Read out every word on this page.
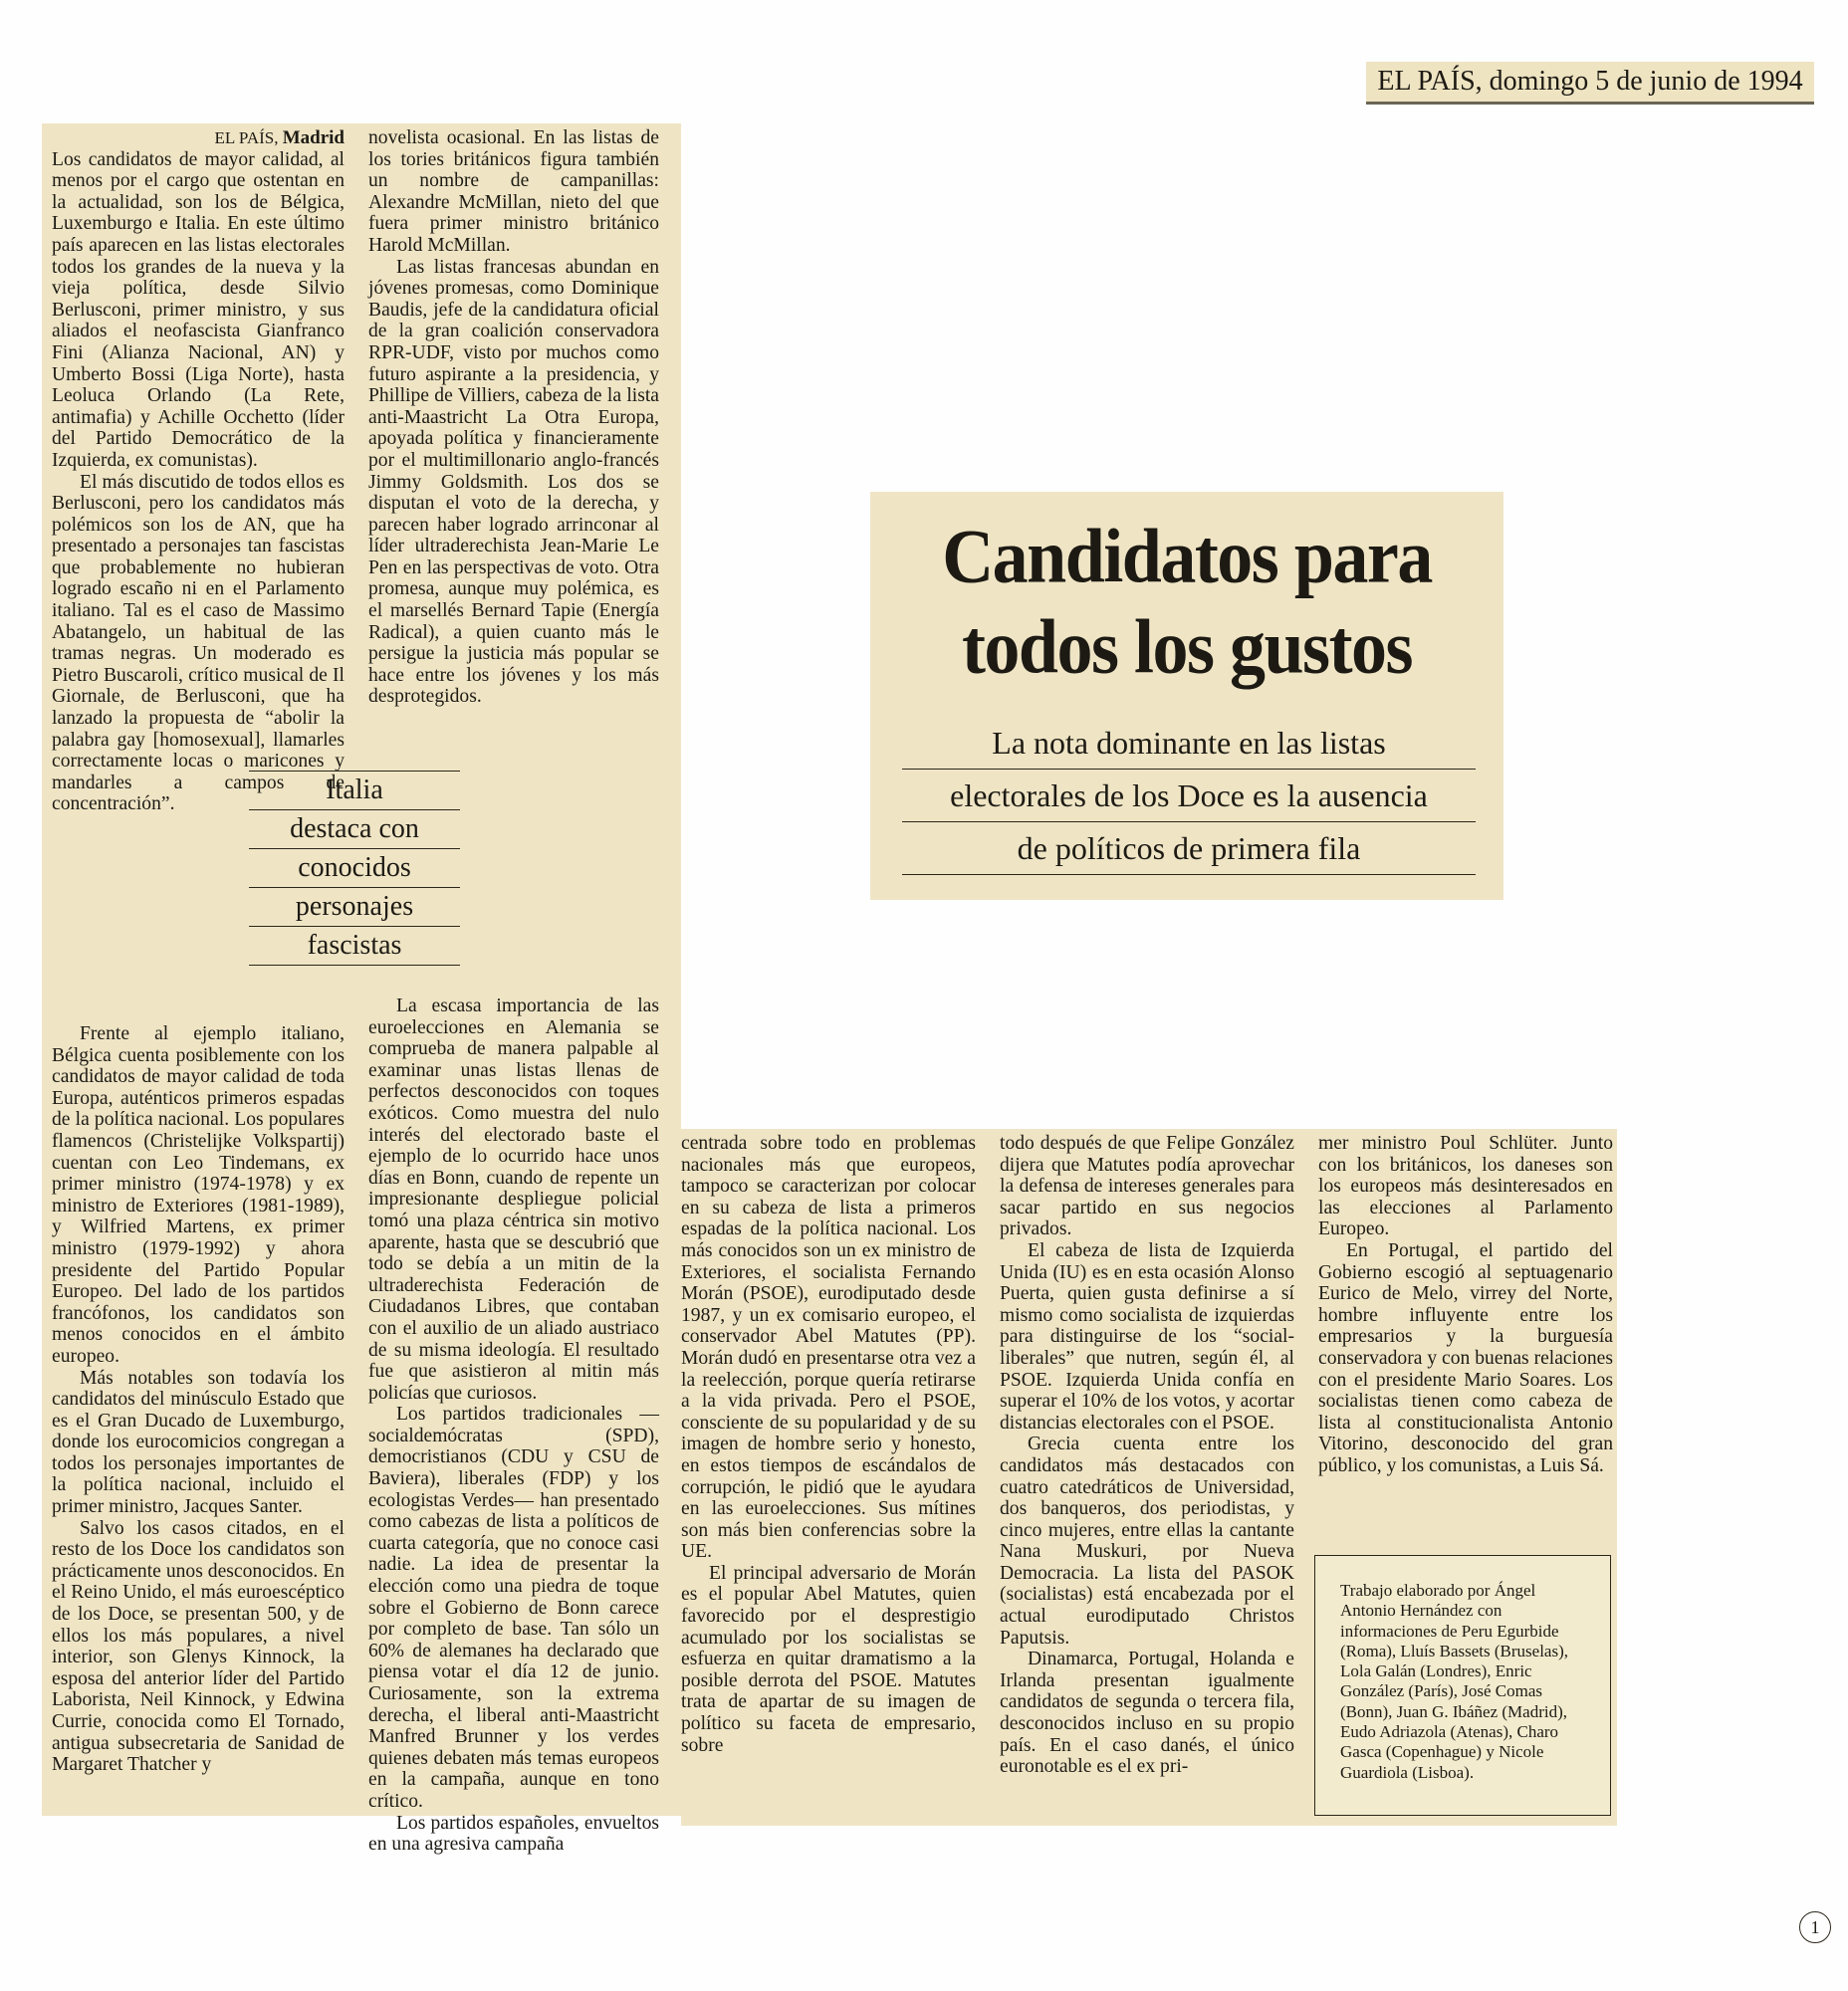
EL PAÍS, domingo 5 de junio de 1994

EL PAÍS, Madrid

Los candidatos de mayor calidad, al menos por el cargo que ostentan en la actualidad, son los de Bélgica, Luxemburgo e Italia. En este último país aparecen en las listas electorales todos los grandes de la nueva y la vieja política, desde Silvio Berlusconi, primer ministro, y sus aliados el neofascista Gianfranco Fini (Alianza Nacional, AN) y Umberto Bossi (Liga Norte), hasta Leoluca Orlando (La Rete, antimafia) y Achille Occhetto (líder del Partido Democrático de la Izquierda, ex comunistas).

El más discutido de todos ellos es Berlusconi, pero los candidatos más polémicos son los de AN, que ha presentado a personajes tan fascistas que probablemente no hubieran logrado escaño ni en el Parlamento italiano. Tal es el caso de Massimo Abatangelo, un habitual de las tramas negras. Un moderado es Pietro Buscaroli, crítico musical de Il Giornale, de Berlusconi, que ha lanzado la propuesta de “abolir la palabra gay [homosexual], llamarles correctamente locas o maricones y mandarles a campos de concentración”.

Frente al ejemplo italiano, Bélgica cuenta posiblemente con los candidatos de mayor calidad de toda Europa, auténticos primeros espadas de la política nacional. Los populares flamencos (Christelijke Volkspartij) cuentan con Leo Tindemans, ex primer ministro (1974-1978) y ex ministro de Exteriores (1981-1989), y Wilfried Martens, ex primer ministro (1979-1992) y ahora presidente del Partido Popular Europeo. Del lado de los partidos francófonos, los candidatos son menos conocidos en el ámbito europeo.

Más notables son todavía los candidatos del minúsculo Estado que es el Gran Ducado de Luxemburgo, donde los eurocomicios congregan a todos los personajes importantes de la política nacional, incluido el primer ministro, Jacques Santer.

Salvo los casos citados, en el resto de los Doce los candidatos son prácticamente unos desconocidos. En el Reino Unido, el más euroescéptico de los Doce, se presentan 500, y de ellos los más populares, a nivel interior, son Glenys Kinnock, la esposa del anterior líder del Partido Laborista, Neil Kinnock, y Edwina Currie, conocida como El Tornado, antigua subsecretaria de Sanidad de Margaret Thatcher y

novelista ocasional. En las listas de los tories británicos figura también un nombre de campanillas: Alexandre McMillan, nieto del que fuera primer ministro británico Harold McMillan.

Las listas francesas abundan en jóvenes promesas, como Dominique Baudis, jefe de la candidatura oficial de la gran coalición conservadora RPR-UDF, visto por muchos como futuro aspirante a la presidencia, y Phillipe de Villiers, cabeza de la lista anti-Maastricht La Otra Europa, apoyada política y financieramente por el multimillonario anglo-francés Jimmy Goldsmith. Los dos se disputan el voto de la derecha, y parecen haber logrado arrinconar al líder ultraderechista Jean-Marie Le Pen en las perspectivas de voto. Otra promesa, aunque muy polémica, es el marsellés Bernard Tapie (Energía Radical), a quien cuanto más le persigue la justicia más popular se hace entre los jóvenes y los más desprotegidos.

La escasa importancia de las euroelecciones en Alemania se comprueba de manera palpable al examinar unas listas llenas de perfectos desconocidos con toques exóticos. Como muestra del nulo interés del electorado baste el ejemplo de lo ocurrido hace unos días en Bonn, cuando de repente un impresionante despliegue policial tomó una plaza céntrica sin motivo aparente, hasta que se descubrió que todo se debía a un mitin de la ultraderechista Federación de Ciudadanos Libres, que contaban con el auxilio de un aliado austriaco de su misma ideología. El resultado fue que asistieron al mitin más policías que curiosos.

Los partidos tradicionales —socialdemócratas (SPD), democristianos (CDU y CSU de Baviera), liberales (FDP) y los ecologistas Verdes— han presentado como cabezas de lista a políticos de cuarta categoría, que no conoce casi nadie. La idea de presentar la elección como una piedra de toque sobre el Gobierno de Bonn carece por completo de base. Tan sólo un 60% de alemanes ha declarado que piensa votar el día 12 de junio. Curiosamente, son la extrema derecha, el liberal anti-Maastricht Manfred Brunner y los verdes quienes debaten más temas europeos en la campaña, aunque en tono crítico.

Los partidos españoles, envueltos en una agresiva campaña

Italia
destaca con
conocidos
personajes
fascistas
Candidatos para
todos los gustos
La nota dominante en las listas
electorales de los Doce es la ausencia
de políticos de primera fila

centrada sobre todo en problemas nacionales más que europeos, tampoco se caracterizan por colocar en su cabeza de lista a primeros espadas de la política nacional. Los más conocidos son un ex ministro de Exteriores, el socialista Fernando Morán (PSOE), eurodiputado desde 1987, y un ex comisario europeo, el conservador Abel Matutes (PP). Morán dudó en presentarse otra vez a la reelección, porque quería retirarse a la vida privada. Pero el PSOE, consciente de su popularidad y de su imagen de hombre serio y honesto, en estos tiempos de escándalos de corrupción, le pidió que le ayudara en las euroelecciones. Sus mítines son más bien conferencias sobre la UE.

El principal adversario de Morán es el popular Abel Matutes, quien favorecido por el desprestigio acumulado por los socialistas se esfuerza en quitar dramatismo a la posible derrota del PSOE. Matutes trata de apartar de su imagen de político su faceta de empresario, sobre

todo después de que Felipe González dijera que Matutes podía aprovechar la defensa de intereses generales para sacar partido en sus negocios privados.

El cabeza de lista de Izquierda Unida (IU) es en esta ocasión Alonso Puerta, quien gusta definirse a sí mismo como socialista de izquierdas para distinguirse de los “social-liberales” que nutren, según él, al PSOE. Izquierda Unida confía en superar el 10% de los votos, y acortar distancias electorales con el PSOE.

Grecia cuenta entre los candidatos más destacados con cuatro catedráticos de Universidad, dos banqueros, dos periodistas, y cinco mujeres, entre ellas la cantante Nana Muskuri, por Nueva Democracia. La lista del PASOK (socialistas) está encabezada por el actual eurodiputado Christos Paputsis.

Dinamarca, Portugal, Holanda e Irlanda presentan igualmente candidatos de segunda o tercera fila, desconocidos incluso en su propio país. En el caso danés, el único euronotable es el ex pri-

mer ministro Poul Schlüter. Junto con los británicos, los daneses son los europeos más desinteresados en las elecciones al Parlamento Europeo.

En Portugal, el partido del Gobierno escogió al septuagenario Eurico de Melo, virrey del Norte, hombre influyente entre los empresarios y la burguesía conservadora y con buenas relaciones con el presidente Mario Soares. Los socialistas tienen como cabeza de lista al constitucionalista Antonio Vitorino, desconocido del gran público, y los comunistas, a Luis Sá.

Trabajo elaborado por Ángel Antonio Hernández con informaciones de Peru Egurbide (Roma), Lluís Bassets (Bruselas), Lola Galán (Londres), Enric González (París), José Comas (Bonn), Juan G. Ibáñez (Madrid), Eudo Adriazola (Atenas), Charo Gasca (Copenhague) y Nicole Guardiola (Lisboa).
1
